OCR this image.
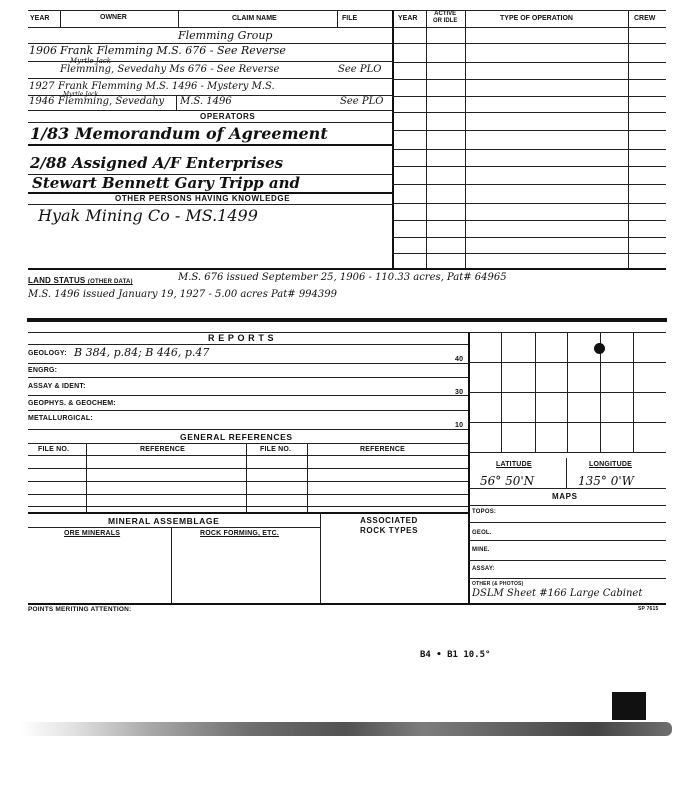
YEAR	OWNER	CLAIM NAME	FILE	YEAR
ACTIVE
OR IDLE	TYPE OF OPERATION	CREW
Flemming Group
1906 Frank Flemming M.S. 676 - See Reverse
Myrtle Jack
Flemming, Sevedahy Ms 676 - See Reverse	See PLO
1927 Frank Flemming M.S. 1496 - Mystery M.S.
Myrtle Jack
1946 Flemming, Sevedahy M.S. 1496	See PLO
OPERATORS
1/83 Memorandum of Agreement
2/88 Assigned A/F Enterprises
Stewart Bennett Gary Tripp and
OTHER PERSONS HAVING KNOWLEDGE
Hyak Mining Co - MS.1499
LAND STATUS (OTHER DATA)	M.S. 676 issued September 25, 1906 - 110.33 acres, Pat# 64965
M.S. 1496 issued January 19, 1927 - 5.00 acres Pat# 994399
R E P O R T S
GEOLOGY: B 384, p.84; B 446, p.47
40
ENGRG:
ASSAY & IDENT:
30
GEOPHYS. & GEOCHEM:
METALLURGICAL:
10
GENERAL REFERENCES
FILE NO.	REFERENCE	FILE NO.	REFERENCE
MINERAL ASSEMBLAGE
ORE MINERALS	ROCK FORMING, ETC.
ASSOCIATED
ROCK TYPES
LATITUDE	LONGITUDE
56° 50'N	135° 0'W
MAPS
TOPOS:
GEOL.
MINE.
ASSAY:
OTHER (& PHOTOS)
DSLM Sheet #166 Large Cabinet
POINTS MERITING ATTENTION:	SP 7615
B4 • B1 10.5°
